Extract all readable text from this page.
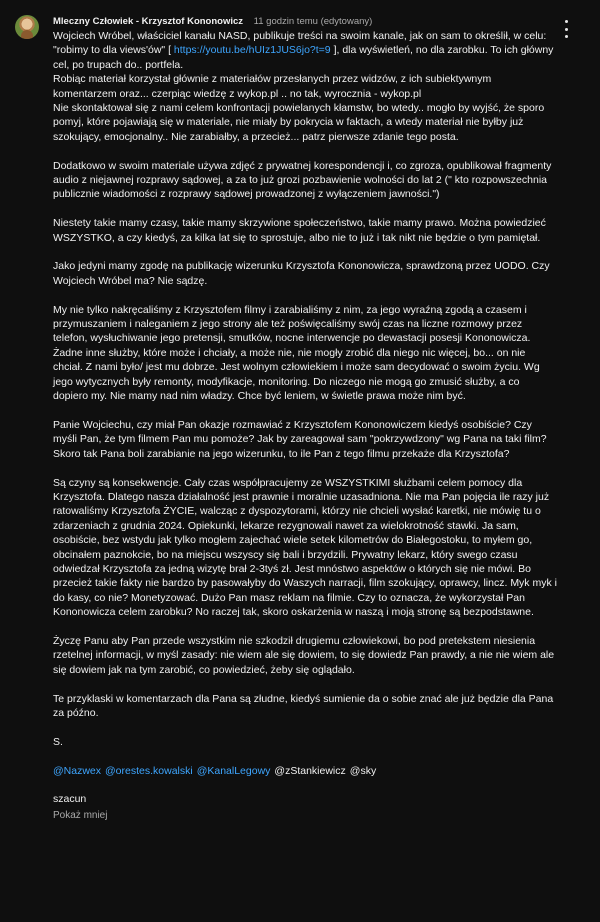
Mleczny Człowiek - Krzysztof Kononowicz 11 godzin temu (edytowany)

Wojciech Wróbel, właściciel kanału NASD, publikuje treści na swoim kanale, jak on sam to określił, w celu: "robimy to dla views'ów" [ https://youtu.be/hUIz1JUS6jo?t=9 ], dla wyświetleń, no dla zarobku. To ich główny cel, po trupach do.. portfela.
Robiąc materiał korzystał głównie z materiałów przesłanych przez widzów, z ich subiektywnym komentarzem oraz... czerpiąc wiedzę z wykop.pl .. no tak, wyrocznia - wykop.pl
Nie skontaktował się z nami celem konfrontacji powielanych kłamstw, bo wtedy.. mogło by wyjść, że sporo pomyj, które pojawiają się w materiale, nie miały by pokrycia w faktach, a wtedy materiał nie byłby już szokujący, emocjonalny.. Nie zarabiałby, a przecież... patrz pierwsze zdanie tego posta.

Dodatkowo w swoim materiale używa zdjęć z prywatnej korespondencji i, co zgroza, opublikował fragmenty audio z niejawnej rozprawy sądowej, a za to już grozi pozbawienie wolności do lat 2 (" kto rozpowszechnia publicznie wiadomości z rozprawy sądowej prowadzonej z wyłączeniem jawności.")

Niestety takie mamy czasy, takie mamy skrzywione społeczeństwo, takie mamy prawo. Można powiedzieć WSZYSTKO, a czy kiedyś, za kilka lat się to sprostuje, albo nie to już i tak nikt nie będzie o tym pamiętał.

Jako jedyni mamy zgodę na publikację wizerunku Krzysztofa Kononowicza, sprawdzoną przez UODO. Czy Wojciech Wróbel ma? Nie sądzę.

My nie tylko nakręcaliśmy z Krzysztofem filmy i zarabialiśmy z nim, za jego wyraźną zgodą a czasem i przymuszaniem i naleganiem z jego strony ale też poświęcaliśmy swój czas na liczne rozmowy przez telefon, wysłuchiwanie jego pretensji, smutków, nocne interwencje po dewastacji posesji Kononowicza. Żadne inne służby, które może i chciały, a może nie, nie mogły zrobić dla niego nic więcej, bo... on nie chciał. Z nami było/ jest mu dobrze. Jest wolnym człowiekiem i może sam decydować o swoim życiu. Wg jego wytycznych były remonty, modyfikacje, monitoring. Do niczego nie mogą go zmusić służby, a co dopiero my. Nie mamy nad nim władzy. Chce być leniem, w świetle prawa może nim być.

Panie Wojciechu, czy miał Pan okazje rozmawiać z Krzysztofem Kononowiczem kiedyś osobiście? Czy myśli Pan, że tym filmem Pan mu pomoże? Jak by zareagował sam "pokrzywdzony" wg Pana na taki film?
Skoro tak Pana boli zarabianie na jego wizerunku, to ile Pan z tego filmu przekaże dla Krzysztofa?

Są czyny są konsekwencje. Cały czas współpracujemy ze WSZYSTKIMI służbami celem pomocy dla Krzysztofa. Dlatego nasza działalność jest prawnie i moralnie uzasadniona. Nie ma Pan pojęcia ile razy już ratowaliśmy Krzysztofa ŻYCIE, walcząc z dyspozytorami, którzy nie chcieli wysłać karetki, nie mówię tu o zdarzeniach z grudnia 2024. Opiekunki, lekarze rezygnowali nawet za wielokrotność stawki. Ja sam, osobiście, bez wstydu jak tylko mogłem zajechać wiele setek kilometrów do Białegostoku, to myłem go, obcinałem paznokcie, bo na miejscu wszyscy się bali i brzydzili. Prywatny lekarz, który swego czasu odwiedzał Krzysztofa za jedną wizytę brał 2-3tyś zł. Jest mnóstwo aspektów o których się nie mówi. Bo przecież takie fakty nie bardzo by pasowałyby do Waszych narracji, film szokujący, oprawcy, lincz. Myk myk i do kasy, co nie? Monetyzować. Dużo Pan masz reklam na filmie. Czy to oznacza, że wykorzystał Pan Kononowicza celem zarobku? No raczej tak, skoro oskarżenia w naszą i moją stronę są bezpodstawne.

Życzę Panu aby Pan przede wszystkim nie szkodził drugiemu człowiekowi, bo pod pretekstem niesienia rzetelnej informacji, w myśl zasady: nie wiem ale się dowiem, to się dowiedz Pan prawdy, a nie nie wiem ale się dowiem jak na tym zarobić, co powiedzieć, żeby się oglądało.

Te przyklaski w komentarzach dla Pana są złudne, kiedyś sumienie da o sobie znać ale już będzie dla Pana za późno.

S.

@Nazwex @orestes.kowalski @KanalLegowy @zStankiewicz @sky

szacun

Pokaż mniej
